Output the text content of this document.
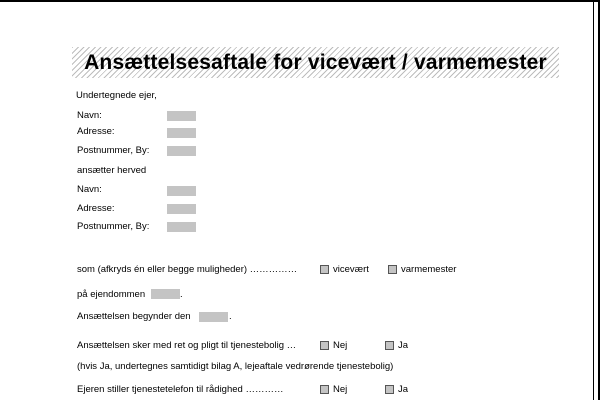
Ansættelsesaftale for vicevært / varmemester
Undertegnede ejer,
Navn:
Adresse:
Postnummer, By:
ansætter herved
Navn:
Adresse:
Postnummer, By:
som (afkryds én eller begge muligheder) ……………	vicevært	varmemester
på ejendommen	.
Ansættelsen begynder den	.
Ansættelsen sker med ret og pligt til tjenestebolig …	Nej	Ja
(hvis Ja, undertegnes samtidigt bilag A, lejeaftale vedrørende tjenestebolig)
Ejeren stiller tjenestetelefon til rådighed …………	Nej	Ja
